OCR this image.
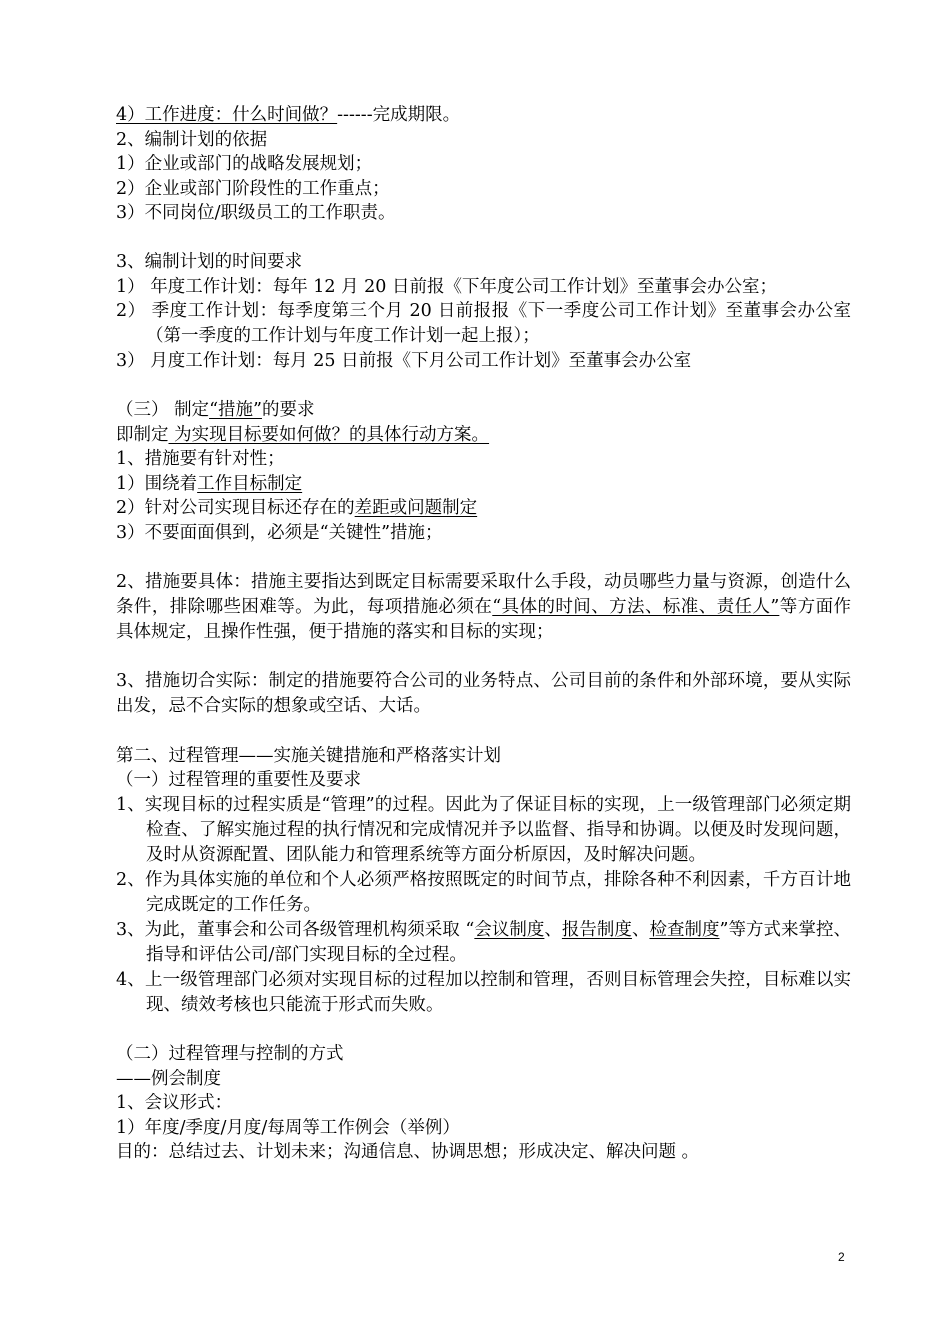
4）工作进度：什么时间做？------完成期限。
2、编制计划的依据
1）企业或部门的战略发展规划；
2）企业或部门阶段性的工作重点；
3）不同岗位/职级员工的工作职责。
3、编制计划的时间要求
1） 年度工作计划：每年 12 月 20 日前报《下年度公司工作计划》至董事会办公室；
2） 季度工作计划：每季度第三个月 20 日前报报《下一季度公司工作计划》至董事会办公室（第一季度的工作计划与年度工作计划一起上报）；
3） 月度工作计划：每月 25 日前报《下月公司工作计划》至董事会办公室
（三） 制定“措施”的要求
即制定 为实现目标要如何做？的具体行动方案。
1、措施要有针对性；
1）围绕着工作目标制定
2）针对公司实现目标还存在的差距或问题制定
3）不要面面俱到，必须是“关键性”措施；
2、措施要具体：措施主要指达到既定目标需要采取什么手段，动员哪些力量与资源，创造什么条件，排除哪些困难等。为此，每项措施必须在“具体的时间、方法、标准、责任人”等方面作具体规定，且操作性强，便于措施的落实和目标的实现；
3、措施切合实际：制定的措施要符合公司的业务特点、公司目前的条件和外部环境，要从实际出发，忌不合实际的想象或空话、大话。
第二、过程管理——实施关键措施和严格落实计划
（一）过程管理的重要性及要求
1、实现目标的过程实质是“管理”的过程。因此为了保证目标的实现，上一级管理部门必须定期检查、了解实施过程的执行情况和完成情况并予以监督、指导和协调。以便及时发现问题，及时从资源配置、团队能力和管理系统等方面分析原因，及时解决问题。
2、作为具体实施的单位和个人必须严格按照既定的时间节点，排除各种不利因素，千方百计地完成既定的工作任务。
3、为此，董事会和公司各级管理机构须采取 “会议制度、报告制度、检查制度”等方式来掌控、指导和评估公司/部门实现目标的全过程。
4、上一级管理部门必须对实现目标的过程加以控制和管理，否则目标管理会失控，目标难以实现、绩效考核也只能流于形式而失败。
（二）过程管理与控制的方式
——例会制度
1、会议形式：
1）年度/季度/月度/每周等工作例会（举例）
目的：总结过去、计划未来；沟通信息、协调思想；形成决定、解决问题 。
2
